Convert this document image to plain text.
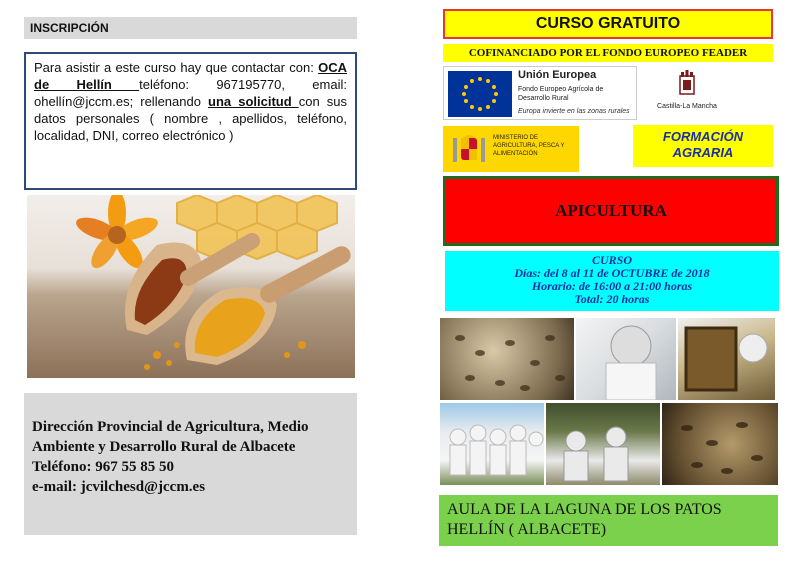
INSCRIPCIÓN
Para asistir a este curso hay que contactar con: OCA de Hellín teléfono: 967195770, email: ohellín@jccm.es; rellenando una solicitud con sus datos personales ( nombre , apellidos, teléfono, localidad, DNI, correo electrónico )
Dirección Provincial de Agricultura, Medio
Ambiente y Desarrollo Rural de Albacete
Teléfono: 967 55 85 50
e-mail: jcvilchesd@jccm.es
CURSO GRATUITO
COFINANCIADO POR EL FONDO EUROPEO FEADER
Unión Europea
Fondo Europeo Agrícola de Desarrollo Rural
Europa invierte en las zonas rurales
Castilla-La Mancha
MINISTERIO DE AGRICULTURA, PESCA Y ALIMENTACIÓN
FORMACIÓN
AGRARIA
APICULTURA
CURSO
Días: del 8 al 11 de OCTUBRE de 2018
Horario: de 16:00 a 21:00 horas
Total: 20 horas
AULA DE LA LAGUNA DE LOS PATOS
HELLÍN ( ALBACETE)
